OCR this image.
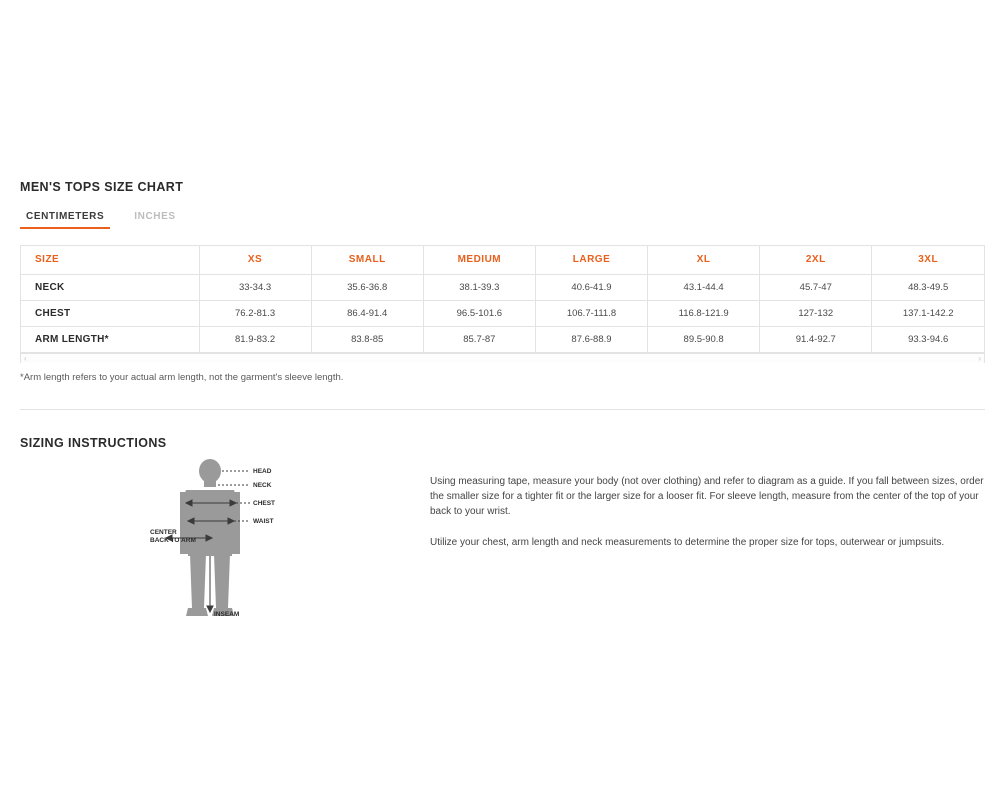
MEN'S TOPS SIZE CHART
CENTIMETERS	INCHES
SIZE	XS	SMALL	MEDIUM	LARGE	XL	2XL	3XL
NECK	33-34.3	35.6-36.8	38.1-39.3	40.6-41.9	43.1-44.4	45.7-47	48.3-49.5
CHEST	76.2-81.3	86.4-91.4	96.5-101.6	106.7-111.8	116.8-121.9	127-132	137.1-142.2
ARM LENGTH*	81.9-83.2	83.8-85	85.7-87	87.6-88.9	89.5-90.8	91.4-92.7	93.3-94.6
‹	›
*Arm length refers to your actual arm length, not the garment's sleeve length.
SIZING INSTRUCTIONS
HEAD
NECK
CHEST
WAIST
CENTER
BACK TO ARM
INSEAM

Using measuring tape, measure your body (not over clothing) and refer to diagram as a guide. If you fall between sizes, order the smaller size for a tighter fit or the larger size for a looser fit. For sleeve length, measure from the center of the top of your back to your wrist.

Utilize your chest, arm length and neck measurements to determine the proper size for tops, outerwear or jumpsuits.
